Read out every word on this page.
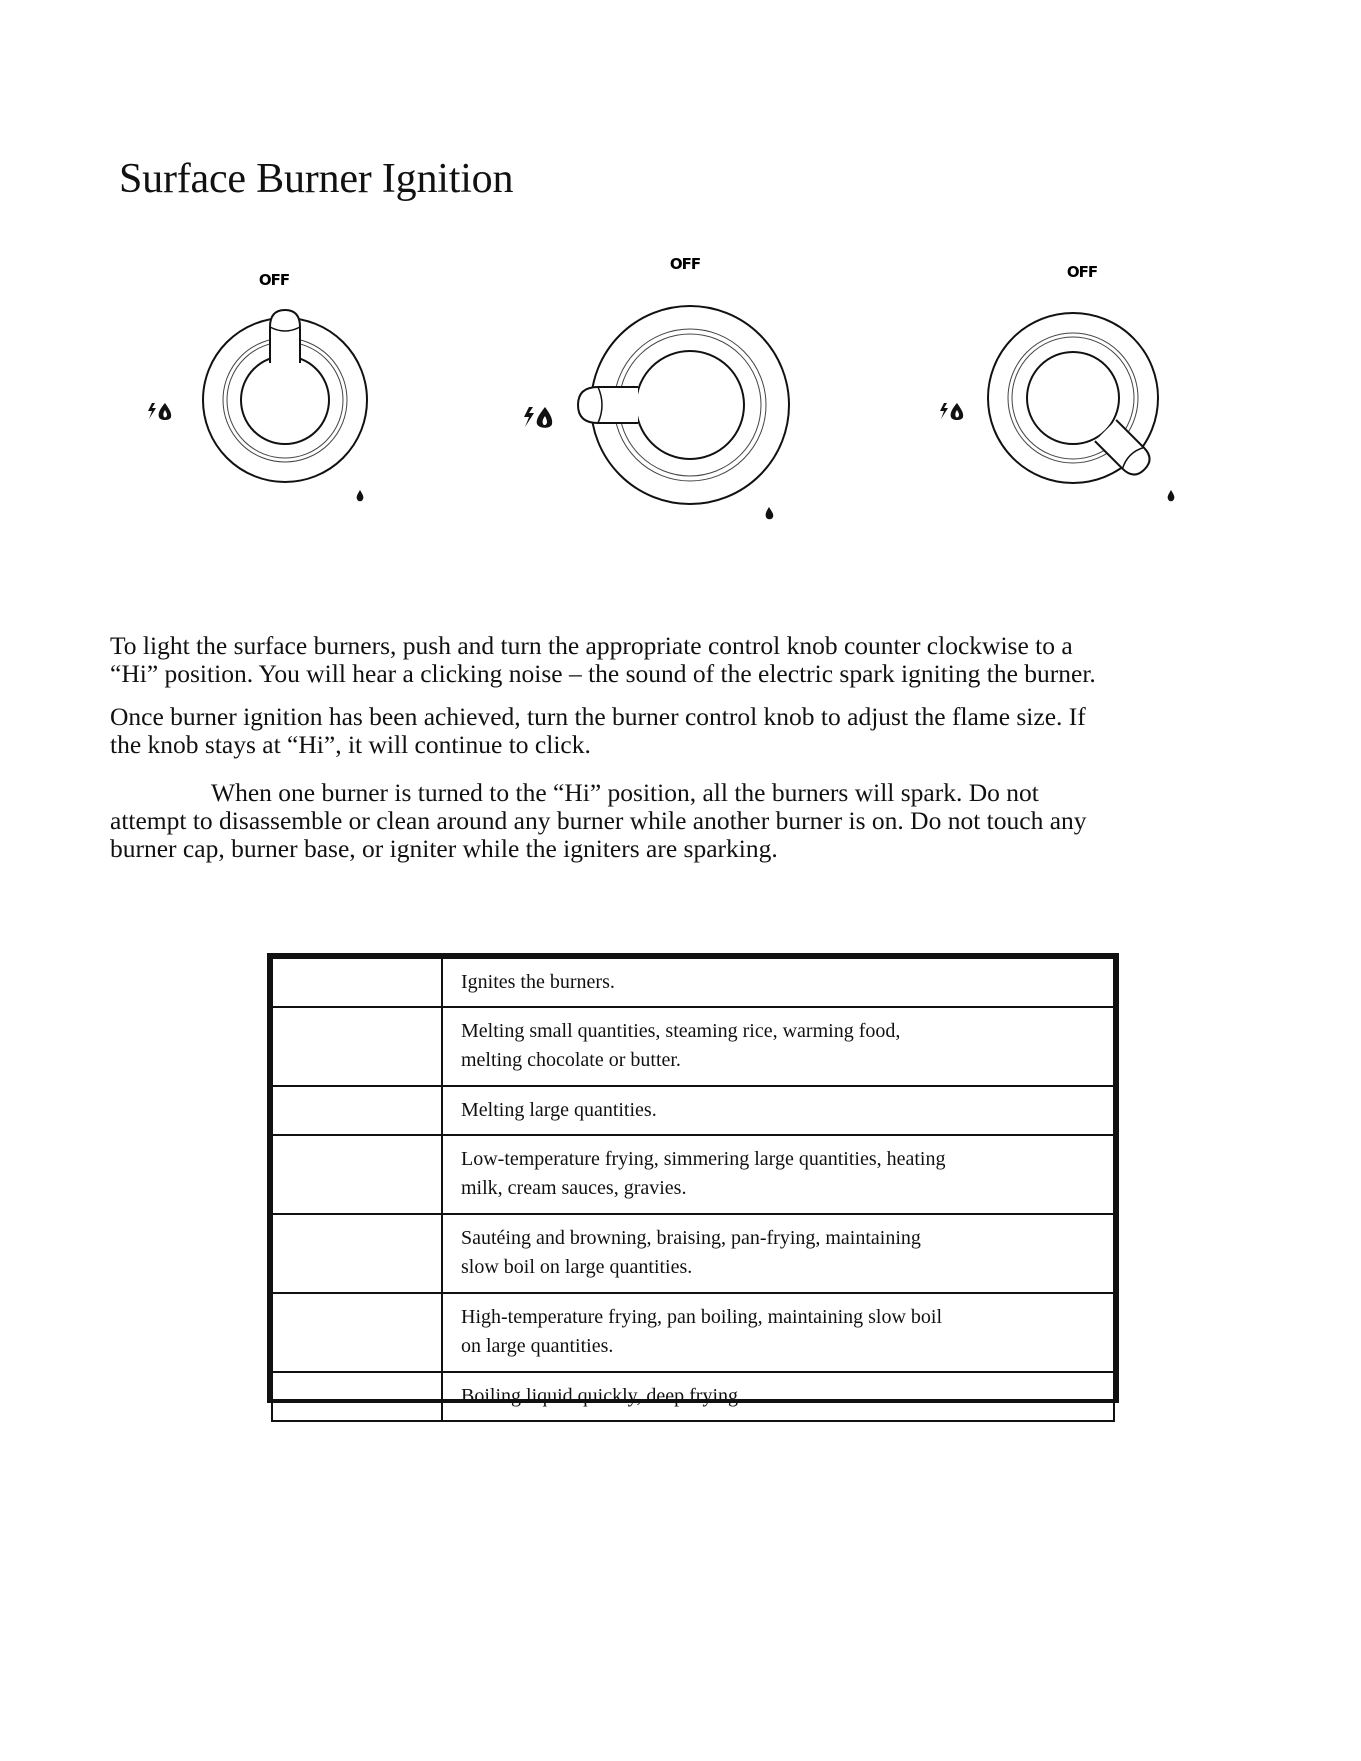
Surface Burner Ignition
OFF
OFF	OFF
To light the surface burners, push and turn the appropriate control knob counter clockwise to a
“Hi” position. You will hear a clicking noise – the sound of the electric spark igniting the burner.
Once burner ignition has been achieved, turn the burner control knob to adjust the flame size. If
the knob stays at “Hi”, it will continue to click.
When one burner is turned to the “Hi” position, all the burners will spark. Do not
attempt to disassemble or clean around any burner while another burner is on. Do not touch any
burner cap, burner base, or igniter while the igniters are sparking.

	Ignites the burners.

	Melting small quantities, steaming rice, warming food,
melting chocolate or butter.

	Melting large quantities.

	Low-temperature frying, simmering large quantities, heating
milk, cream sauces, gravies.

	Sautéing and browning, braising, pan-frying, maintaining
slow boil on large quantities.

	High-temperature frying, pan boiling, maintaining slow boil
on large quantities.

	Boiling liquid quickly, deep frying.
